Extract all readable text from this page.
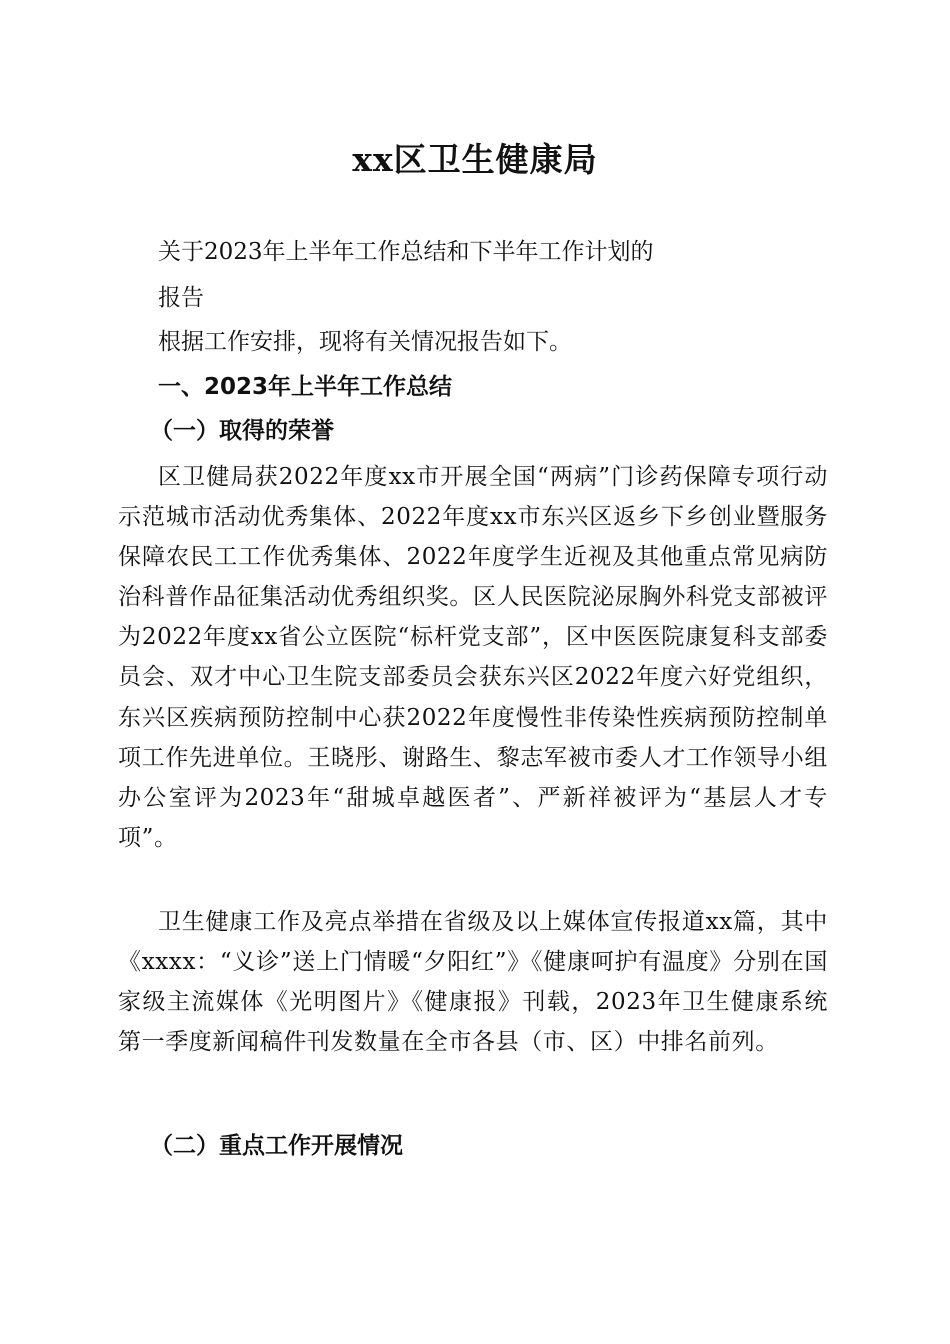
xx区卫生健康局
关于2023年上半年工作总结和下半年工作计划的
报告
根据工作安排，现将有关情况报告如下。
一、2023年上半年工作总结
（一）取得的荣誉
区卫健局获2022年度xx市开展全国“两病”门诊药保障专项行动示范城市活动优秀集体、2022年度xx市东兴区返乡下乡创业暨服务保障农民工工作优秀集体、2022年度学生近视及其他重点常见病防治科普作品征集活动优秀组织奖。区人民医院泌尿胸外科党支部被评为2022年度xx省公立医院“标杆党支部”，区中医医院康复科支部委员会、双才中心卫生院支部委员会获东兴区2022年度六好党组织，东兴区疾病预防控制中心获2022年度慢性非传染性疾病预防控制单项工作先进单位。王晓彤、谢路生、黎志军被市委人才工作领导小组办公室评为2023年“甜城卓越医者”、严新祥被评为“基层人才专项”。
卫生健康工作及亮点举措在省级及以上媒体宣传报道xx篇，其中《xxxx：“义诊”送上门情暖“夕阳红”》《健康呵护有温度》分别在国家级主流媒体《光明图片》《健康报》刊载，2023年卫生健康系统第一季度新闻稿件刊发数量在全市各县（市、区）中排名前列。
（二）重点工作开展情况
